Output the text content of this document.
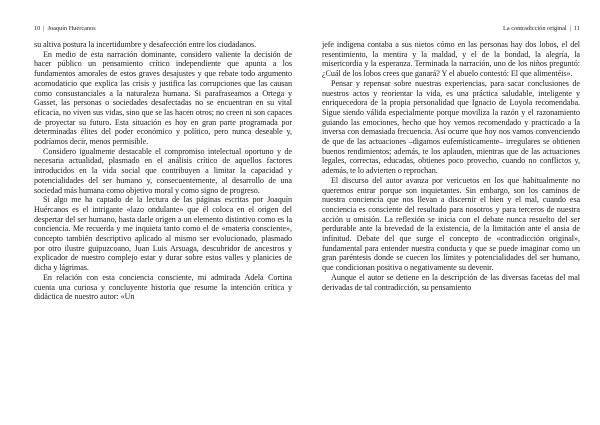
10 | Joaquín Huércanos

su altiva postura la incertidumbre y desafección entre los ciudadanos.

En medio de esta narración dominante, considero valiente la decisión de hacer público un pensamiento crítico independiente que apunta a los fundamentos amorales de estos graves desajustes y que rebate todo argumento acomodaticio que explica las crisis y justifica las corrupciones que las causan como consustanciales a la naturaleza humana. Si parafraseamos a Ortega y Gasset, las personas o sociedades desafectadas no se encuentran en su vital eficacia, no viven sus vidas, sino que se las hacen otros; no creen ni son capaces de proyectar su futuro. Esta situación es hoy en gran parte programada por determinadas élites del poder económico y político, pero nunca deseable y, podríamos decir, menos permisible.

Considero igualmente destacable el compromiso intelectual oportuno y de necesaria actualidad, plasmado en el análisis crítico de aquellos factores introducidos en la vida social que contribuyen a limitar la capacidad y potencialidades del ser humano y, consecuentemente, al desarrollo de una sociedad más humana como objetivo moral y como signo de progreso.

Si algo me ha captado de la lectura de las páginas escritas por Joaquín Huércanos es el intrigante «lazo ondulante» que él coloca en el origen del despertar del ser humano, hasta darle origen a un elemento distintivo como es la conciencia. Me recuerda y me inquieta tanto como el de «materia consciente», concepto también descriptivo aplicado al mismo ser evolucionado, plasmado por otro ilustre guipuzcoano, Juan Luis Arsuaga, descubridor de ancestros y explicador de nuestro complejo estar y durar sobre estos valles y planicies de dicha y lágrimas.

En relación con esta conciencia consciente, mi admirada Adela Cortina cuenta una curiosa y concluyente historia que resume la intención crítica y didáctica de nuestro autor: «Un

La contradicción original | 11

jefe indígena contaba a sus nietos cómo en las personas hay dos lobos, el del resentimiento, la mentira y la maldad, y el de la bondad, la alegría, la misericordia y la esperanza. Terminada la narración, uno de los niños preguntó: ¿Cuál de los lobos crees que ganará? Y el abuelo contestó: El que alimentéis».

Pensar y repensar sobre nuestras experiencias, para sacar conclusiones de nuestros actos y reorientar la vida, es una práctica saludable, inteligente y enriquecedora de la propia personalidad que Ignacio de Loyola recomendaba. Sigue siendo válida especialmente porque moviliza la razón y el razonamiento guiando las emociones, hecho que hoy vemos recomendado y practicado a la inversa con demasiada frecuencia. Así ocurre que hoy nos vamos convenciendo de que de las actuaciones –digamos eufemísticamente– irregulares se obtienen buenos rendimientos; además, te los aplauden, mientras que de las actuaciones legales, correctas, educadas, obtienes poco provecho, cuando no conflictos y, además, te lo advierten o reprochan.

El discurso del autor avanza por vericuetos en los que habitualmente no queremos entrar porque son inquietantes. Sin embargo, son los caminos de nuestra conciencia que nos llevan a discernir el bien y el mal, cuando esa conciencia es consciente del resultado para nosotros y para terceros de nuestra acción u omisión. La reflexión se inicia con el debate nunca resuelto del ser perdurable ante la brevedad de la existencia, de la limitación ante el ansia de infinitud. Debate del que surge el concepto de «contradicción original», fundamental para entender nuestra conducta y que se puede imaginar como un gran paréntesis donde se cuecen los límites y potencialidades del ser humano, que condicionan positiva o negativamente su devenir.

Aunque el autor se detiene en la descripción de las diversas facetas del mal derivadas de tal contradicción, su pensamiento
